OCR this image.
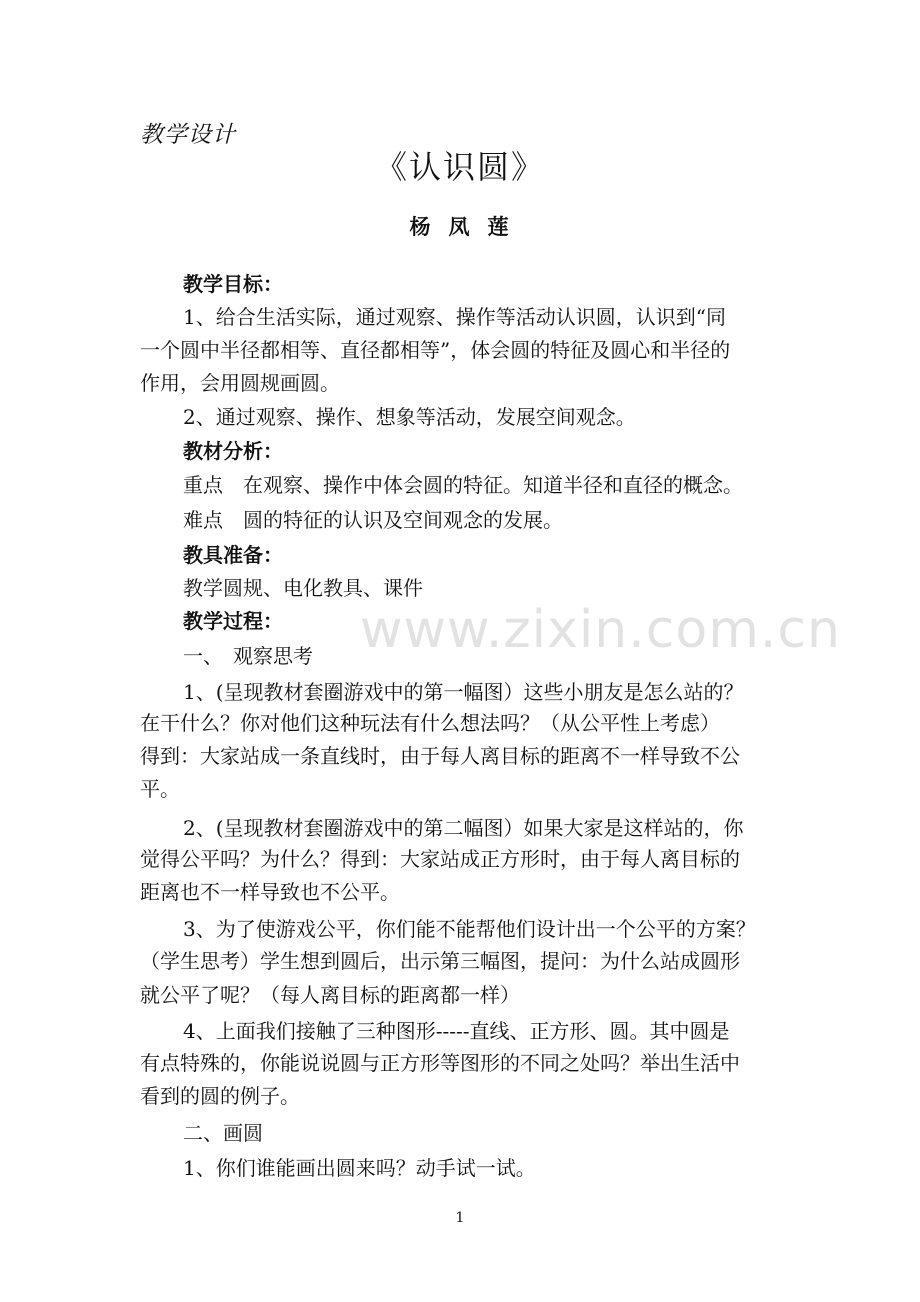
教学设计
《认识圆》
杨 凤 莲
www.zixin.com.cn
教学目标：
1、给合生活实际，通过观察、操作等活动认识圆，认识到“同
一个圆中半径都相等、直径都相等”，体会圆的特征及圆心和半径的
作用，会用圆规画圆。
2、通过观察、操作、想象等活动，发展空间观念。
教材分析：
重点　在观察、操作中体会圆的特征。知道半径和直径的概念。
难点　圆的特征的认识及空间观念的发展。
教具准备：
教学圆规、电化教具、课件
教学过程：
一、　观察思考
1、(呈现教材套圈游戏中的第一幅图）这些小朋友是怎么站的？
在干什么？你对他们这种玩法有什么想法吗？（从公平性上考虑）
得到：大家站成一条直线时，由于每人离目标的距离不一样导致不公
平。
2、(呈现教材套圈游戏中的第二幅图）如果大家是这样站的，你
觉得公平吗？为什么？得到：大家站成正方形时，由于每人离目标的
距离也不一样导致也不公平。
3、为了使游戏公平，你们能不能帮他们设计出一个公平的方案？
（学生思考）学生想到圆后，出示第三幅图，提问：为什么站成圆形
就公平了呢？（每人离目标的距离都一样）
4、上面我们接触了三种图形-----直线、正方形、圆。其中圆是
有点特殊的，你能说说圆与正方形等图形的不同之处吗？举出生活中
看到的圆的例子。
二、画圆
1、你们谁能画出圆来吗？动手试一试。
1
